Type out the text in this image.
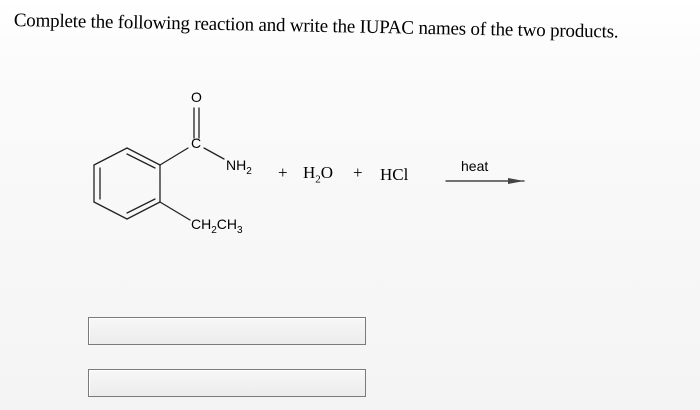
Complete the following reaction and write the IUPAC names of the two products.
O
C
$NH_2$
$CH_2CH_3$
+ $H_2O$ + HCl	heat
